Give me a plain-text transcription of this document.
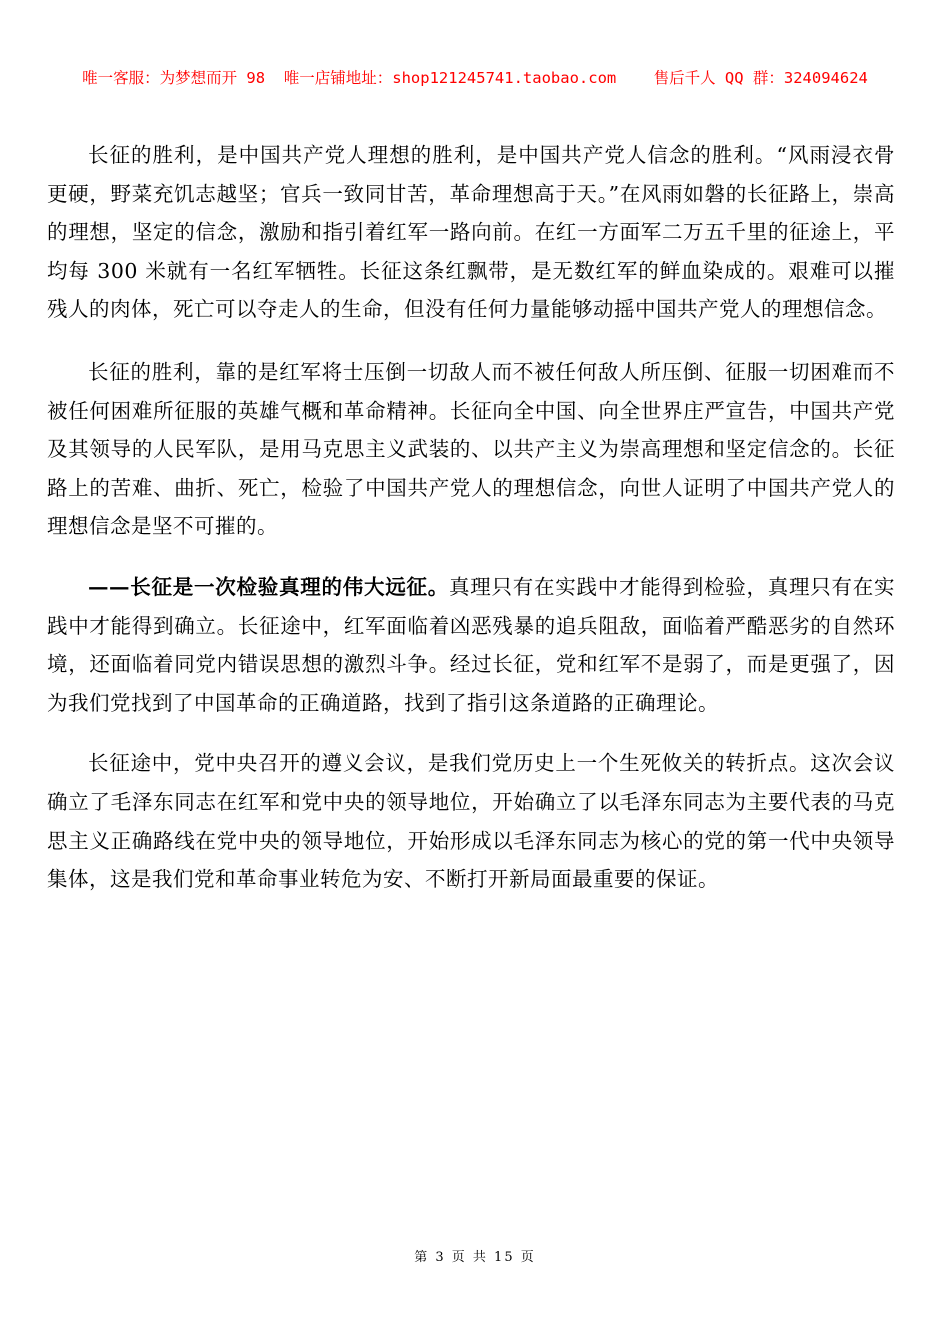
唯一客服：为梦想而开 98 唯一店铺地址：shop121245741.taobao.com 售后千人 QQ 群：324094624

长征的胜利，是中国共产党人理想的胜利，是中国共产党人信念的胜利。“风雨浸衣骨更硬，野菜充饥志越坚；官兵一致同甘苦，革命理想高于天。”在风雨如磐的长征路上，崇高的理想，坚定的信念，激励和指引着红军一路向前。在红一方面军二万五千里的征途上，平均每 300 米就有一名红军牺牲。长征这条红飘带，是无数红军的鲜血染成的。艰难可以摧残人的肉体，死亡可以夺走人的生命，但没有任何力量能够动摇中国共产党人的理想信念。

长征的胜利，靠的是红军将士压倒一切敌人而不被任何敌人所压倒、征服一切困难而不被任何困难所征服的英雄气概和革命精神。长征向全中国、向全世界庄严宣告，中国共产党及其领导的人民军队，是用马克思主义武装的、以共产主义为崇高理想和坚定信念的。长征路上的苦难、曲折、死亡，检验了中国共产党人的理想信念，向世人证明了中国共产党人的理想信念是坚不可摧的。

——长征是一次检验真理的伟大远征。真理只有在实践中才能得到检验，真理只有在实践中才能得到确立。长征途中，红军面临着凶恶残暴的追兵阻敌，面临着严酷恶劣的自然环境，还面临着同党内错误思想的激烈斗争。经过长征，党和红军不是弱了，而是更强了，因为我们党找到了中国革命的正确道路，找到了指引这条道路的正确理论。

长征途中，党中央召开的遵义会议，是我们党历史上一个生死攸关的转折点。这次会议确立了毛泽东同志在红军和党中央的领导地位，开始确立了以毛泽东同志为主要代表的马克思主义正确路线在党中央的领导地位，开始形成以毛泽东同志为核心的党的第一代中央领导集体，这是我们党和革命事业转危为安、不断打开新局面最重要的保证。

第 3 页 共 15 页
